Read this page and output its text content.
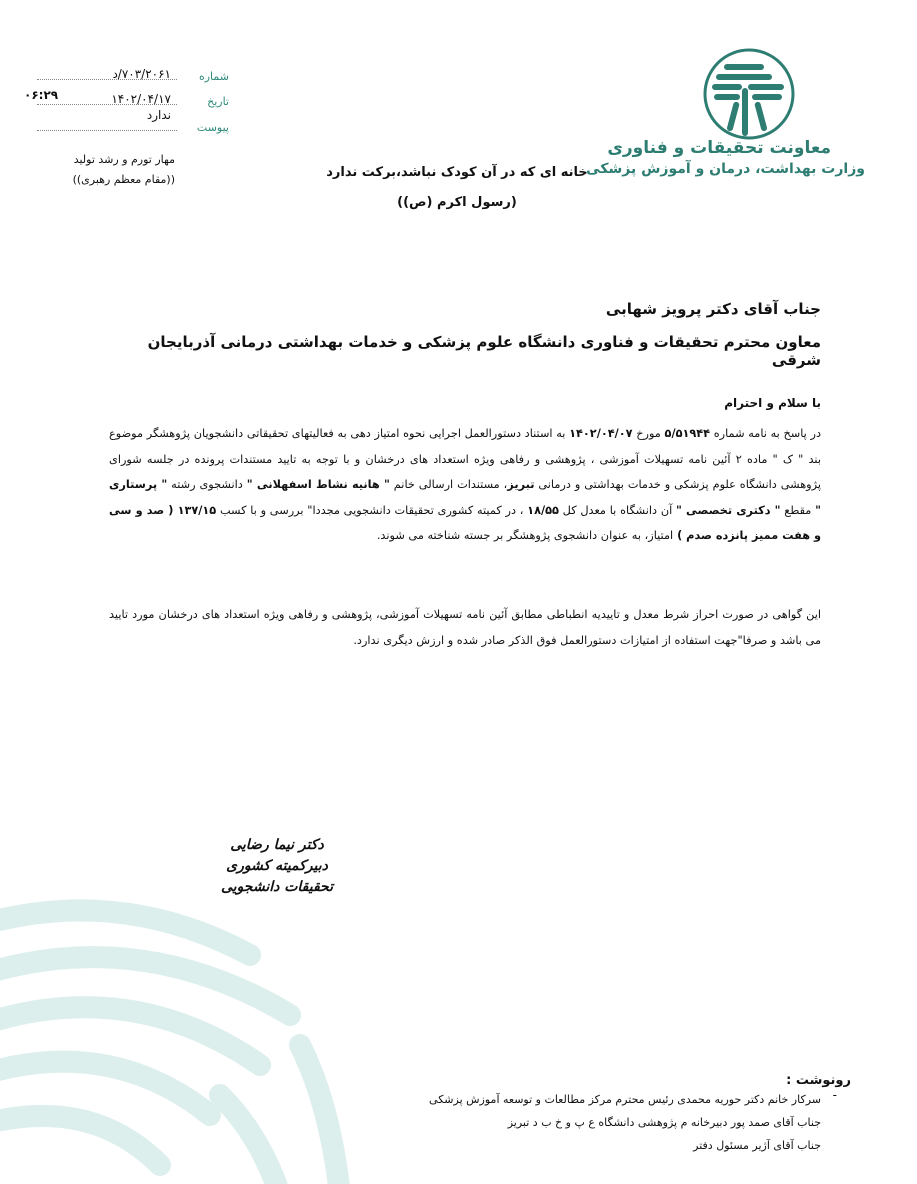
معاونت تحقیقات و فناوری
وزارت بهداشت، درمان و آموزش پزشکی
شماره
۷۰۳/۲۰۶۱/د
تاریخ
۱۴۰۲/۰۴/۱۷
۰۶:۲۹
پیوست
ندارد
مهار تورم و رشد تولید
((مقام معظم رهبری))	خانه ای که در آن کودک نباشد،برکت ندارد (رسول اکرم (ص))
جناب آقای دکتر پرویز شهابی
معاون محترم تحقیقات و فناوری دانشگاه علوم پزشکی و خدمات بهداشتی درمانی آذربایجان شرقی
با سلام و احترام
در پاسخ به نامه شماره ۵/۵۱۹۴۴ مورخ ۱۴۰۲/۰۴/۰۷ به استناد دستورالعمل اجرایی نحوه امتیاز دهی به فعالیتهای تحقیقاتی دانشجویان پژوهشگر موضوع بند " ک " ماده ۲ آئین نامه تسهیلات آموزشی ، پژوهشی و رفاهی ویژه استعداد های درخشان و با توجه به تایید مستندات پرونده در جلسه شورای پژوهشی دانشگاه علوم پزشکی و خدمات بهداشتی و درمانی تبریز، مستندات ارسالی خانم " هانیه نشاط اسفهلانی " دانشجوی رشته " پرستاری " مقطع " دکتری تخصصی " آن دانشگاه با معدل کل ۱۸/۵۵ ، در کمیته کشوری تحقیقات دانشجویی مجددا" بررسی و با کسب ۱۳۷/۱۵ ( صد و سی و هفت ممیز پانزده صدم ) امتیاز، به عنوان دانشجوی پژوهشگر بر جسته شناخته می شوند.
این گواهی در صورت احراز شرط معدل و تاییدیه انطباطی مطابق آئین نامه تسهیلات آموزشی، پژوهشی و رفاهی ویژه استعداد های درخشان مورد تایید می باشد و صرفا"جهت استفاده از امتیازات دستورالعمل فوق الذکر صادر شده و ارزش دیگری ندارد.
دکتر نیما رضایی
دبیرکمیته کشوری
تحقیقات دانشجویی
رونوشت :
-
سرکار خانم دکتر حوریه محمدی رئیس محترم مرکز مطالعات و توسعه آموزش پزشکی
جناب آقای صمد پور دبیرخانه م پژوهشی دانشگاه ع پ و خ ب د تبریز
جناب آقای آژیر مسئول دفتر
